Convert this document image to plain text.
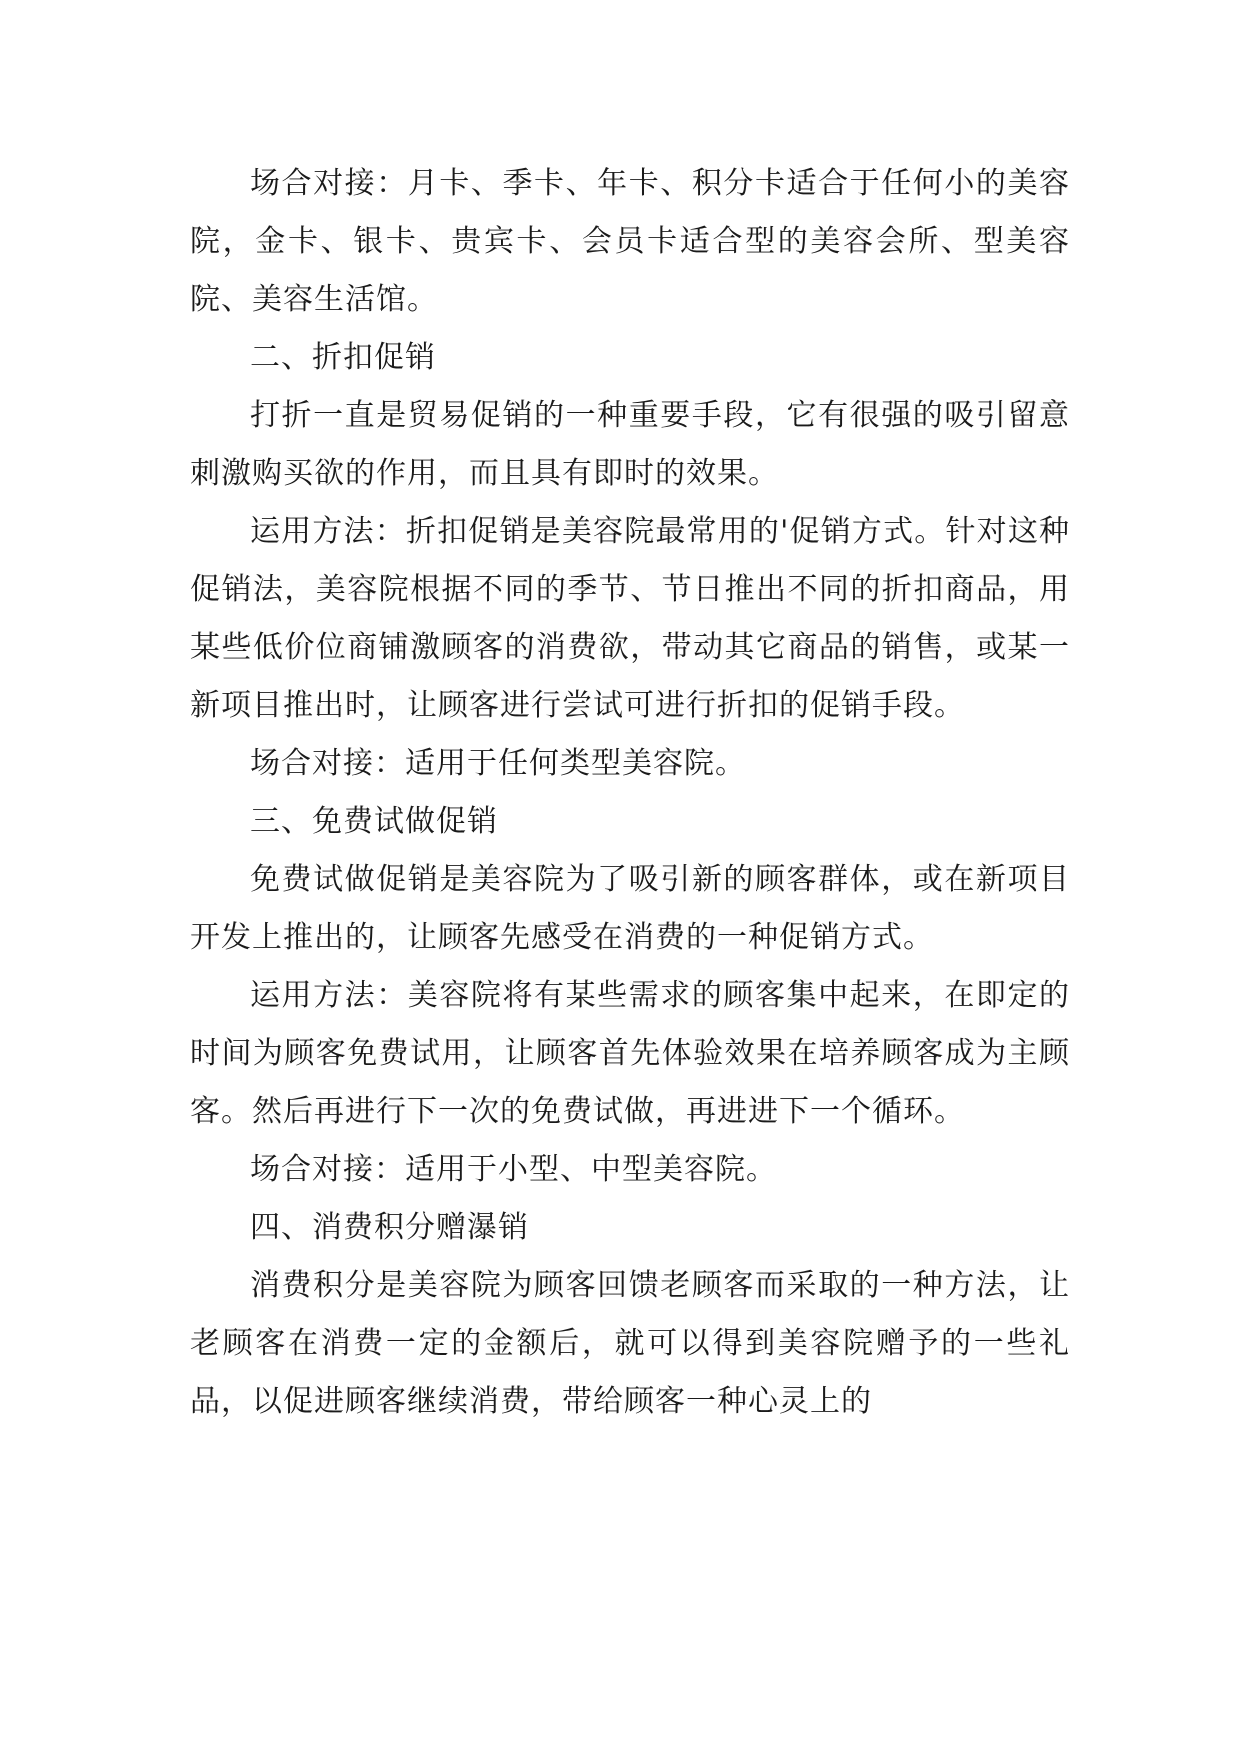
场合对接：月卡、季卡、年卡、积分卡适合于任何小的美容院，金卡、银卡、贵宾卡、会员卡适合型的美容会所、型美容院、美容生活馆。

二、折扣促销

打折一直是贸易促销的一种重要手段，它有很强的吸引留意刺激购买欲的作用，而且具有即时的效果。

运用方法：折扣促销是美容院最常用的'促销方式。针对这种促销法，美容院根据不同的季节、节日推出不同的折扣商品，用某些低价位商铺激顾客的消费欲，带动其它商品的销售，或某一新项目推出时，让顾客进行尝试可进行折扣的促销手段。

场合对接：适用于任何类型美容院。

三、免费试做促销

免费试做促销是美容院为了吸引新的顾客群体，或在新项目开发上推出的，让顾客先感受在消费的一种促销方式。

运用方法：美容院将有某些需求的顾客集中起来，在即定的时间为顾客免费试用，让顾客首先体验效果在培养顾客成为主顾客。然后再进行下一次的免费试做，再进进下一个循环。

场合对接：适用于小型、中型美容院。

四、消费积分赠瀑销

消费积分是美容院为顾客回馈老顾客而采取的一种方法，让老顾客在消费一定的金额后，就可以得到美容院赠予的一些礼品，以促进顾客继续消费，带给顾客一种心灵上的
